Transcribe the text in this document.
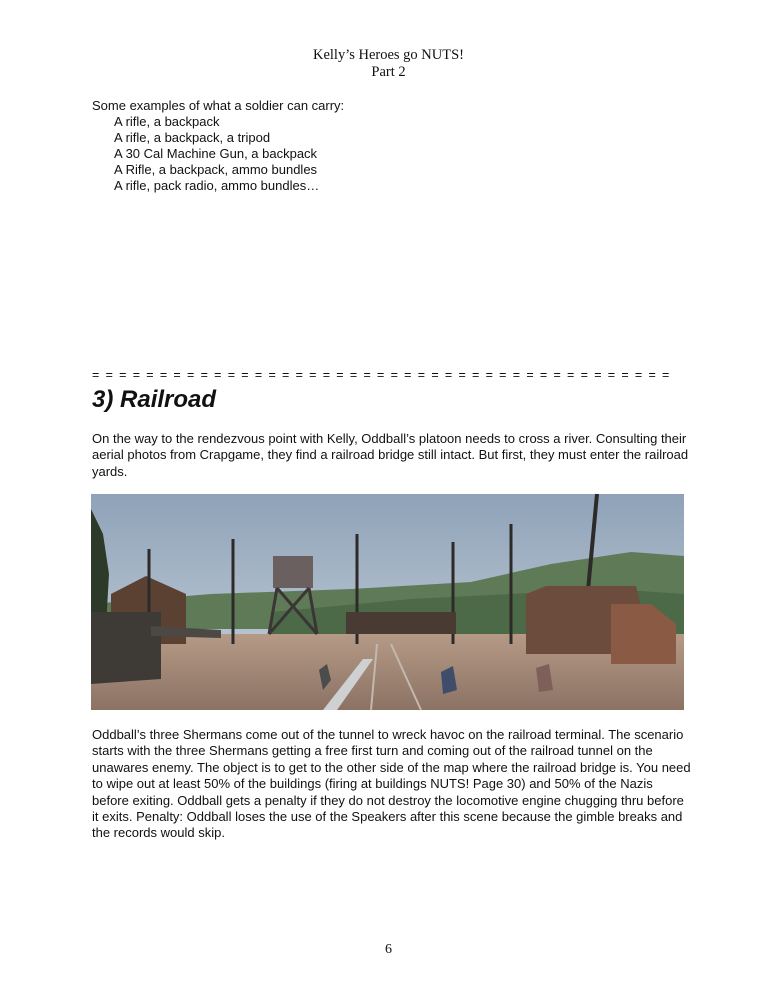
Kelly’s Heroes go NUTS!
Part 2
Some examples of what a soldier can carry:
A rifle, a backpack
A rifle, a backpack, a tripod
A 30 Cal Machine Gun, a backpack
A Rifle, a backpack, ammo bundles
A rifle, pack radio, ammo bundles…
= = = = = = = = = = = = = = = = = = = = = = = = = = = = = = = = = = = = = = = = = = =
3) Railroad
On the way to the rendezvous point with Kelly, Oddball’s platoon needs to cross a river. Consulting their aerial photos from Crapgame, they find a railroad bridge still intact. But first, they must enter the railroad yards.
Oddball’s three Shermans come out of the tunnel to wreck havoc on the railroad terminal. The scenario starts with the three Shermans getting a free first turn and coming out of the railroad tunnel on the unawares enemy. The object is to get to the other side of the map where the railroad bridge is. You need to wipe out at least 50% of the buildings (firing at buildings NUTS! Page 30) and 50% of the Nazis before exiting. Oddball gets a penalty if they do not destroy the locomotive engine chugging thru before it exits. Penalty: Oddball loses the use of the Speakers after this scene because the gimble breaks and the records would skip.
6
